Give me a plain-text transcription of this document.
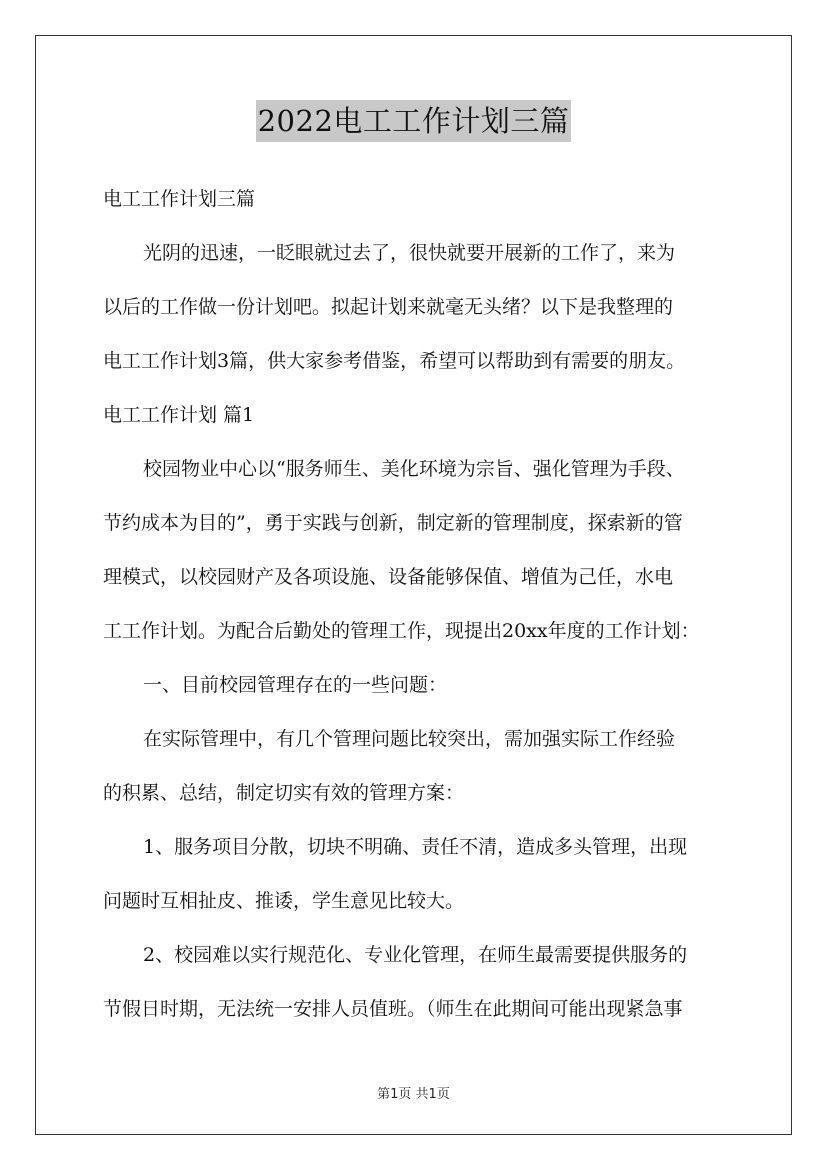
2022电工工作计划三篇

电工工作计划三篇

光阴的迅速，一眨眼就过去了，很快就要开展新的工作了，来为

以后的工作做一份计划吧。拟起计划来就毫无头绪？以下是我整理的

电工工作计划3篇，供大家参考借鉴，希望可以帮助到有需要的朋友。

电工工作计划 篇1

校园物业中心以“服务师生、美化环境为宗旨、强化管理为手段、

节约成本为目的”，勇于实践与创新，制定新的管理制度，探索新的管

理模式，以校园财产及各项设施、设备能够保值、增值为己任，水电

工工作计划。为配合后勤处的管理工作，现提出20xx年度的工作计划：

一、目前校园管理存在的一些问题：

在实际管理中，有几个管理问题比较突出，需加强实际工作经验

的积累、总结，制定切实有效的管理方案：

1、服务项目分散，切块不明确、责任不清，造成多头管理，出现

问题时互相扯皮、推诿，学生意见比较大。

2、校园难以实行规范化、专业化管理，在师生最需要提供服务的

节假日时期，无法统一安排人员值班。（师生在此期间可能出现紧急事

第1页 共1页
